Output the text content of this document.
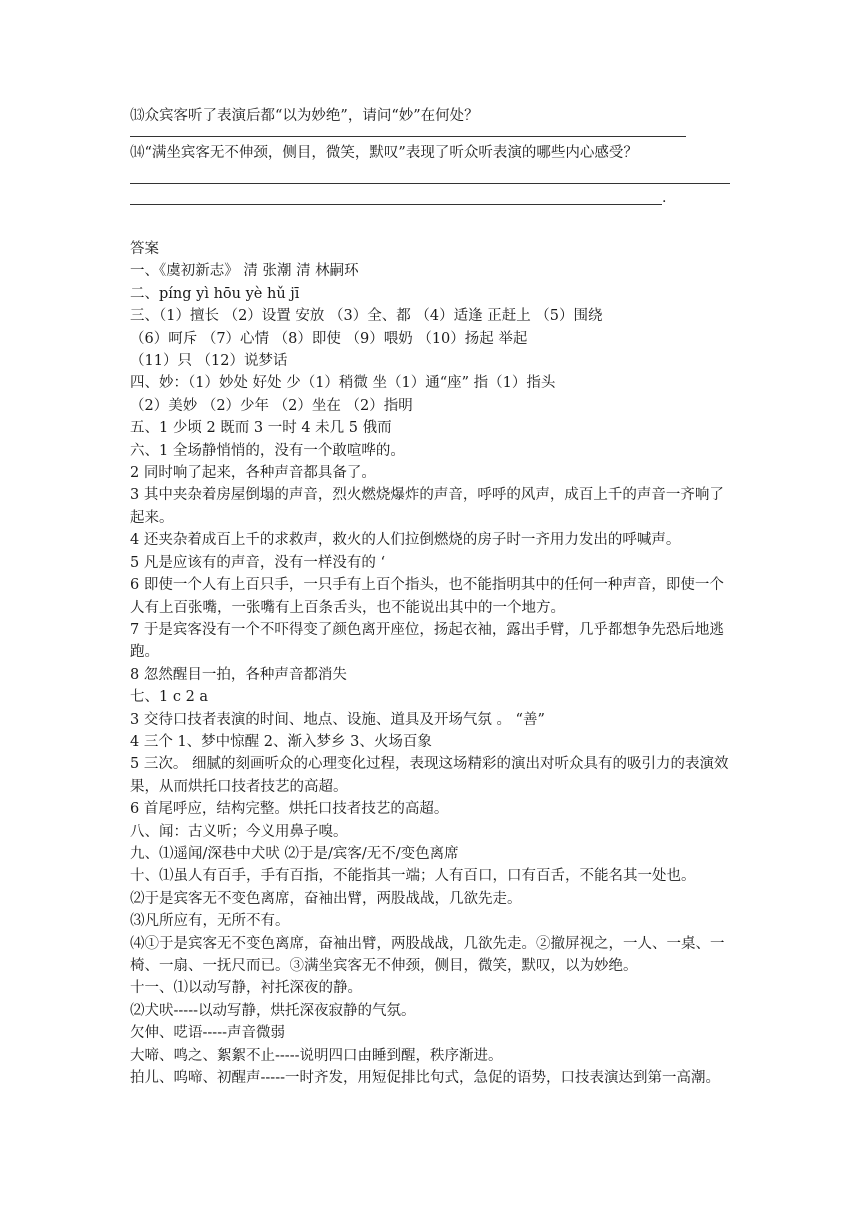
⒀众宾客听了表演后都“以为妙绝”，请问“妙”在何处？
⒁“满坐宾客无不伸颈，侧目，微笑，默叹”表现了听众听表演的哪些内心感受？
.
答案
一、《虞初新志》 清 张潮 清 林嗣环
二、píng yì hōu yè hǔ jī
三、（1）擅长 （2）设置 安放 （3）全、都 （4）适逢 正赶上 （5）围绕
（6）呵斥 （7）心情 （8）即使 （9）喂奶 （10）扬起 举起
（11）只 （12）说梦话
四、妙：（1）妙处 好处 少（1）稍微 坐（1）通“座” 指（1）指头
（2）美妙 （2）少年 （2）坐在 （2）指明
五、1 少顷 2 既而 3 一时 4 未几 5 俄而
六、1 全场静悄悄的，没有一个敢喧哗的。
2 同时响了起来，各种声音都具备了。
3 其中夹杂着房屋倒塌的声音，烈火燃烧爆炸的声音，呼呼的风声，成百上千的声音一齐响了起来。
4 还夹杂着成百上千的求救声，救火的人们拉倒燃烧的房子时一齐用力发出的呼喊声。
5 凡是应该有的声音，没有一样没有的 ‘
6 即使一个人有上百只手，一只手有上百个指头，也不能指明其中的任何一种声音，即使一个人有上百张嘴，一张嘴有上百条舌头，也不能说出其中的一个地方。
7 于是宾客没有一个不吓得变了颜色离开座位，扬起衣袖，露出手臂，几乎都想争先恐后地逃跑。
8 忽然醒目一拍，各种声音都消失
七、1 c 2 a
3 交待口技者表演的时间、地点、设施、道具及开场气氛 。 “善”
4 三个 1、梦中惊醒 2、渐入梦乡 3、火场百象
5 三次。 细腻的刻画听众的心理变化过程，表现这场精彩的演出对听众具有的吸引力的表演效果，从而烘托口技者技艺的高超。
6 首尾呼应，结构完整。烘托口技者技艺的高超。
八、闻：古义听；今义用鼻子嗅。
九、⑴遥闻/深巷中犬吠 ⑵于是/宾客/无不/变色离席
十、⑴虽人有百手，手有百指，不能指其一端；人有百口，口有百舌，不能名其一处也。
⑵于是宾客无不变色离席，奋袖出臂，两股战战，几欲先走。
⑶凡所应有，无所不有。
⑷①于是宾客无不变色离席，奋袖出臂，两股战战，几欲先走。②撤屏视之，一人、一桌、一椅、一扇、一抚尺而已。③满坐宾客无不伸颈，侧目，微笑，默叹，以为妙绝。
十一、⑴以动写静，衬托深夜的静。
⑵犬吠-----以动写静，烘托深夜寂静的气氛。
欠伸、呓语-----声音微弱
大啼、鸣之、絮絮不止-----说明四口由睡到醒，秩序渐进。
拍儿、呜啼、初醒声-----一时齐发，用短促排比句式，急促的语势，口技表演达到第一高潮。
